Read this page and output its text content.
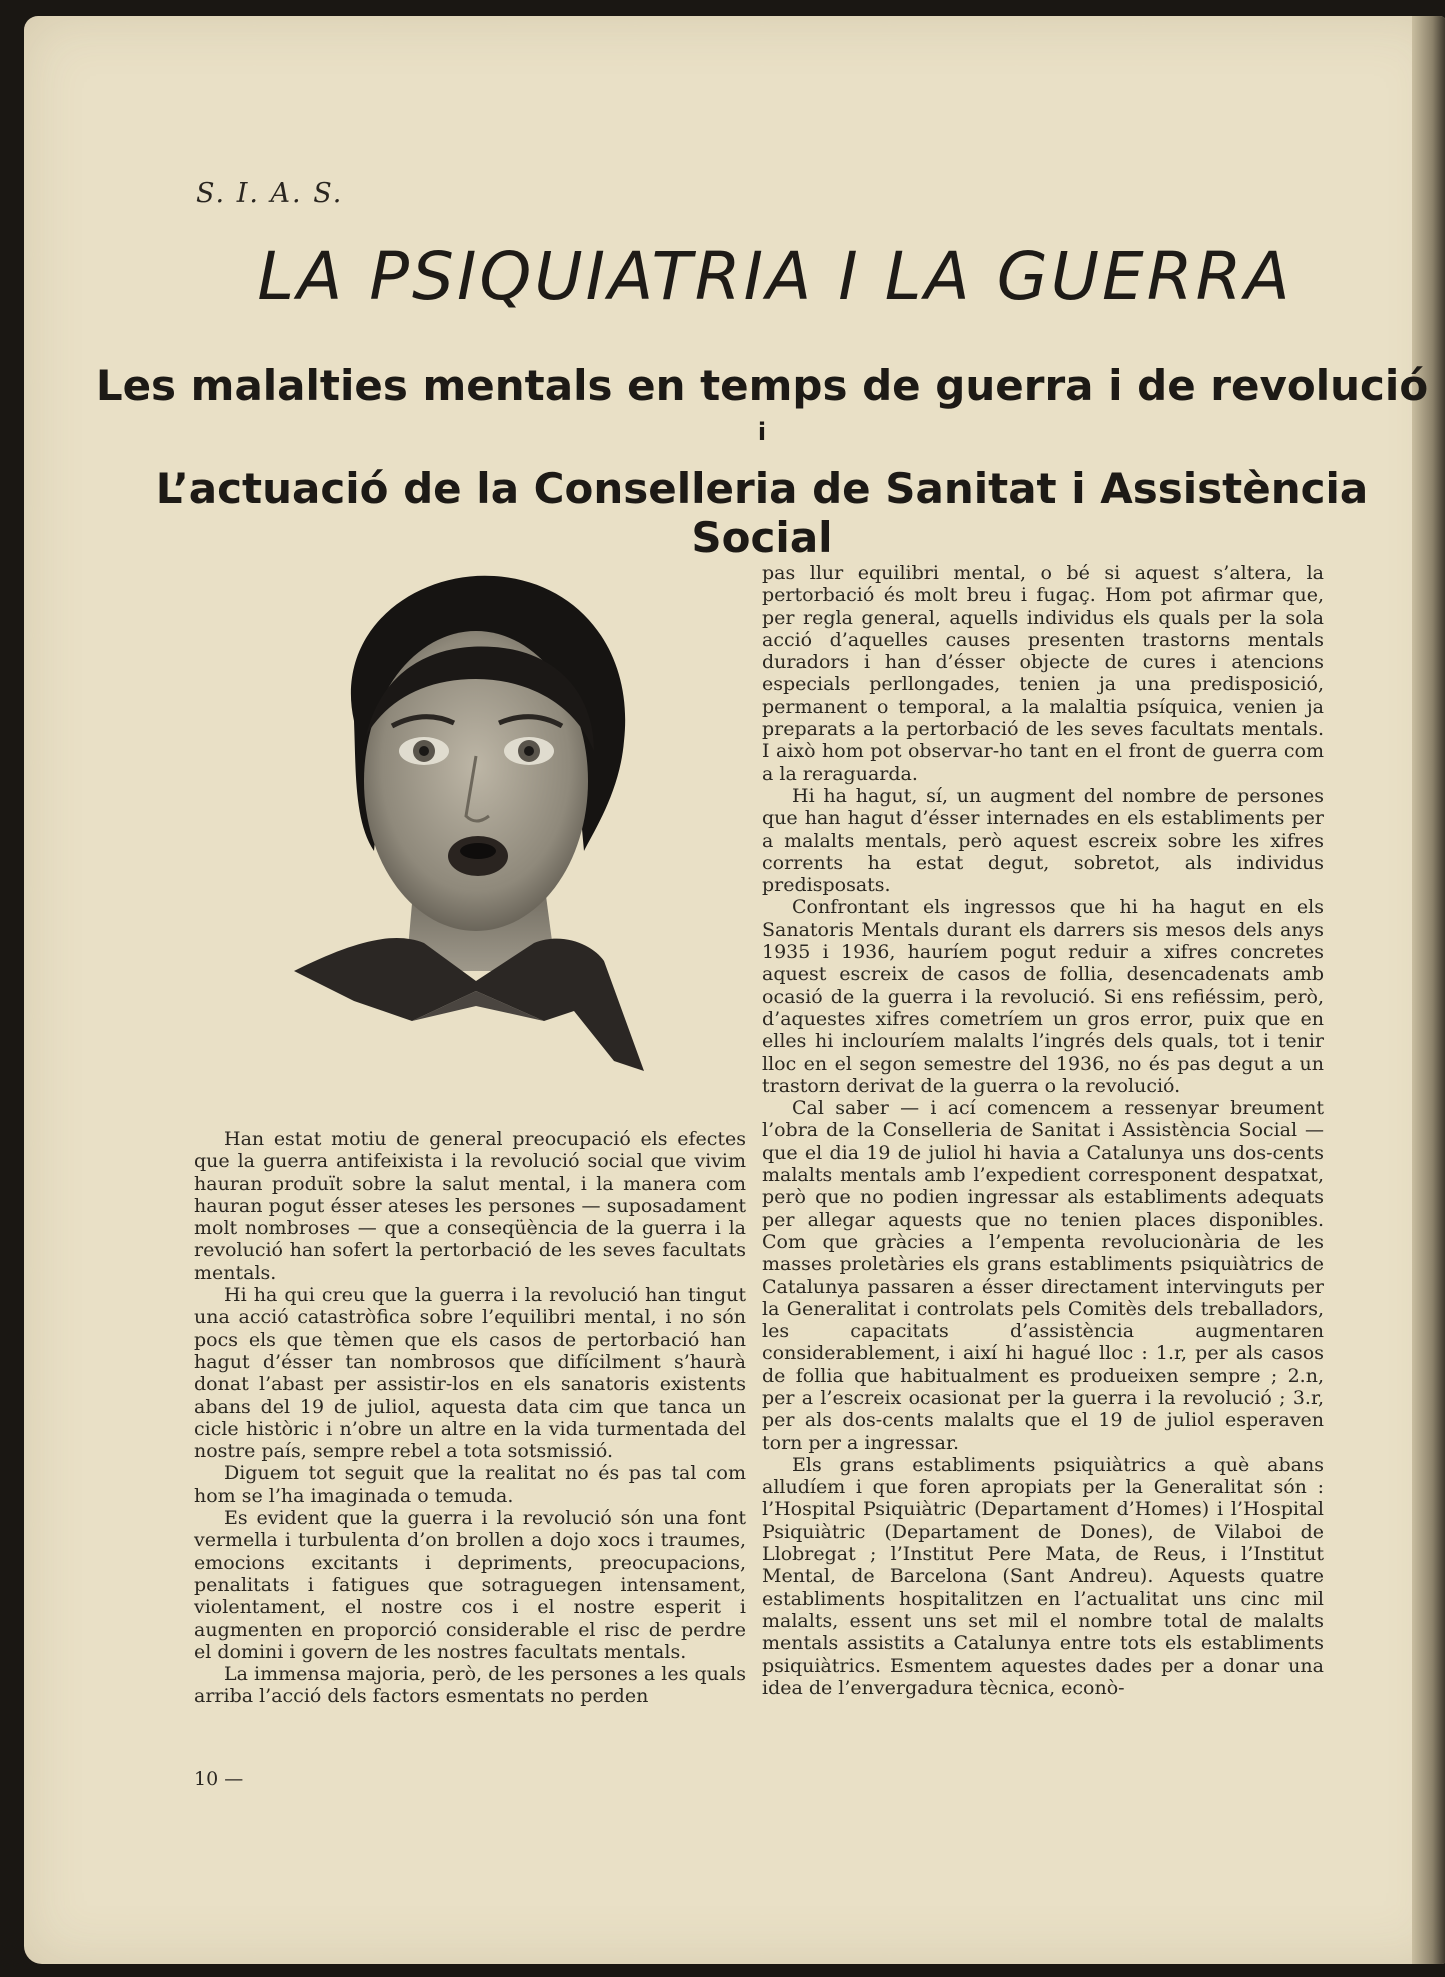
S. I. A. S.
LA PSIQUIATRIA I LA GUERRA
Les malalties mentals en temps de guerra i de revolució
i
L’actuació de la Conselleria de Sanitat i Assistència Social

Han estat motiu de general preocupació els efectes que la guerra antifeixista i la revolució social que vivim hauran produït sobre la salut mental, i la manera com hauran pogut ésser ateses les persones — suposadament molt nombroses — que a conseqüència de la guerra i la revolució han sofert la pertorbació de les seves facultats mentals.

Hi ha qui creu que la guerra i la revolució han tingut una acció catastròfica sobre l’equilibri mental, i no són pocs els que tèmen que els casos de pertorbació han hagut d’ésser tan nombrosos que difícilment s’haurà donat l’abast per assistir-los en els sanatoris existents abans del 19 de juliol, aquesta data cim que tanca un cicle històric i n’obre un altre en la vida turmentada del nostre país, sempre rebel a tota sotsmissió.

Diguem tot seguit que la realitat no és pas tal com hom se l’ha imaginada o temuda.

Es evident que la guerra i la revolució són una font vermella i turbulenta d’on brollen a dojo xocs i traumes, emocions excitants i depriments, preocupacions, penalitats i fatigues que sotraguegen intensament, violentament, el nostre cos i el nostre esperit i augmenten en proporció considerable el risc de perdre el domini i govern de les nostres facultats mentals.

La immensa majoria, però, de les persones a les quals arriba l’acció dels factors esmentats no perden

pas llur equilibri mental, o bé si aquest s’altera, la pertorbació és molt breu i fugaç. Hom pot afirmar que, per regla general, aquells individus els quals per la sola acció d’aquelles causes presenten trastorns mentals duradors i han d’ésser objecte de cures i atencions especials perllongades, tenien ja una predisposició, permanent o temporal, a la malaltia psíquica, venien ja preparats a la pertorbació de les seves facultats mentals. I això hom pot observar-ho tant en el front de guerra com a la reraguarda.

Hi ha hagut, sí, un augment del nombre de persones que han hagut d’ésser internades en els establiments per a malalts mentals, però aquest escreix sobre les xifres corrents ha estat degut, sobretot, als individus predisposats.

Confrontant els ingressos que hi ha hagut en els Sanatoris Mentals durant els darrers sis mesos dels anys 1935 i 1936, hauríem pogut reduir a xifres concretes aquest escreix de casos de follia, desencadenats amb ocasió de la guerra i la revolució. Si ens refiéssim, però, d’aquestes xifres cometríem un gros error, puix que en elles hi inclouríem malalts l’ingrés dels quals, tot i tenir lloc en el segon semestre del 1936, no és pas degut a un trastorn derivat de la guerra o la revolució.

Cal saber — i ací comencem a ressenyar breument l’obra de la Conselleria de Sanitat i Assistència Social — que el dia 19 de juliol hi havia a Catalunya uns dos-cents malalts mentals amb l’expedient corresponent despatxat, però que no podien ingressar als establiments adequats per allegar aquests que no tenien places disponibles. Com que gràcies a l’empenta revolucionària de les masses proletàries els grans establiments psiquiàtrics de Catalunya passaren a ésser directament intervinguts per la Generalitat i controlats pels Comitès dels treballadors, les capacitats d’assistència augmentaren considerablement, i així hi hagué lloc : 1.r, per als casos de follia que habitualment es produeixen sempre ; 2.n, per a l’escreix ocasionat per la guerra i la revolució ; 3.r, per als dos-cents malalts que el 19 de juliol esperaven torn per a ingressar.

Els grans establiments psiquiàtrics a què abans alludíem i que foren apropiats per la Generalitat són : l’Hospital Psiquiàtric (Departament d’Homes) i l’Hospital Psiquiàtric (Departament de Dones), de Vilaboi de Llobregat ; l’Institut Pere Mata, de Reus, i l’Institut Mental, de Barcelona (Sant Andreu). Aquests quatre establiments hospitalitzen en l’actualitat uns cinc mil malalts, essent uns set mil el nombre total de malalts mentals assistits a Catalunya entre tots els establiments psiquiàtrics. Esmentem aquestes dades per a donar una idea de l’envergadura tècnica, econò-

10 —
